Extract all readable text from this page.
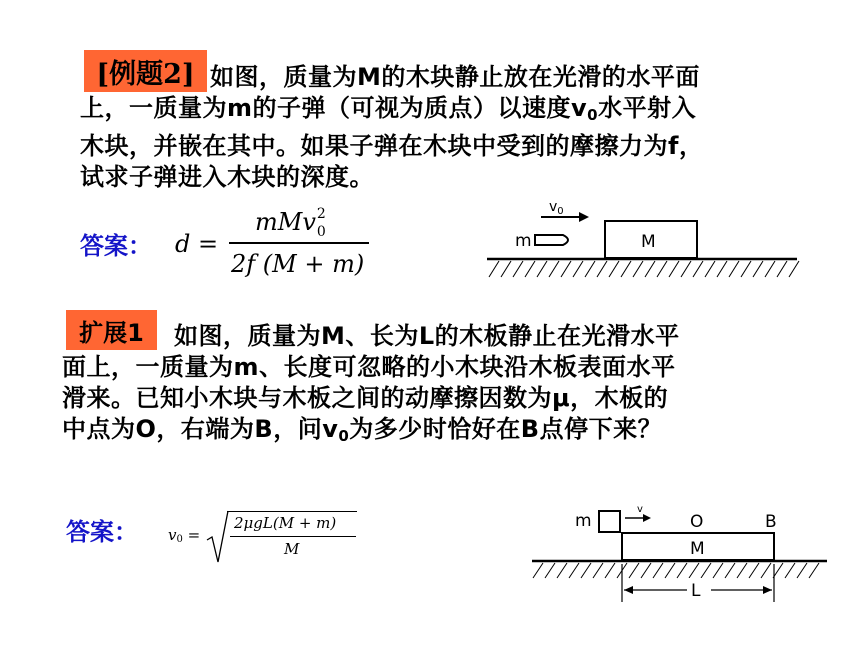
[例题2] 如图，质量为M的木块静止放在光滑的水平面
上，一质量为m的子弹（可视为质点）以速度$v_0$水平射入
木块，并嵌在其中。如果子弹在木块中受到的摩擦力为f，
试求子弹进入木块的深度。
答案： d =
mMv 2
0
2f (M + m)
M
m
$v_0$
扩展1	如图，质量为M、长为L的木板静止在光滑水平
面上，一质量为m、长度可忽略的小木块沿木板表面水平
滑来。已知小木块与木板之间的动摩擦因数为μ，木板的
中点为O，右端为B，问$v_0$为多少时恰好在B点停下来？
答案： $v_0$ =
2μgL(M + m)
M	M
m
v
O	B
L
